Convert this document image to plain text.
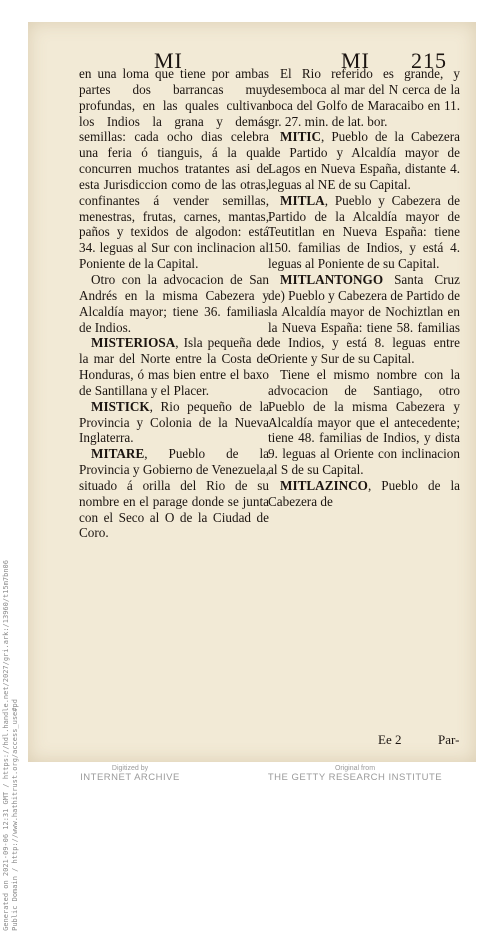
MI	MI 215

en una loma que tiene por ambas partes dos barrancas muy profundas, en las quales cultivan los Indios la grana y demás semillas: cada ocho dias celebra una feria ó tianguis, á la qual concurren muchos tratantes asi de esta Jurisdiccion como de las otras, confinantes á vender semillas, menestras, frutas, carnes, mantas, paños y texidos de algodon: está 34. leguas al Sur con inclinacion al Poniente de la Capital.

Otro con la advocacion de San Andrés en la misma Cabezera y Alcaldía mayor; tiene 36. familias de Indios.

MISTERIOSA, Isla pequeña de la mar del Norte entre la Costa de Honduras, ó mas bien entre el baxo de Santillana y el Placer.

MISTICK, Rio pequeño de la Provincia y Colonia de la Nueva Inglaterra.

MITARE, Pueblo de la Provincia y Gobierno de Venezuela, situado á orilla del Rio de su nombre en el parage donde se junta con el Seco al O de la Ciudad de Coro.

El Rio referido es grande, y desemboca al mar del N cerca de la boca del Golfo de Maracaibo en 11. gr. 27. min. de lat. bor.

MITIC, Pueblo de la Cabezera de Partido y Alcaldía mayor de Lagos en Nueva España, distante 4. leguas al NE de su Capital.

MITLA, Pueblo y Cabezera de Partido de la Alcaldía mayor de Teutitlan en Nueva España: tiene 150. familias de Indios, y está 4. leguas al Poniente de su Capital.

MITLANTONGO Santa Cruz de) Pueblo y Cabezera de Partido de la Alcaldía mayor de Nochiztlan en la Nueva España: tiene 58. familias de Indios, y está 8. leguas entre Oriente y Sur de su Capital.

Tiene el mismo nombre con la advocacion de Santiago, otro Pueblo de la misma Cabezera y Alcaldía mayor que el antecedente; tiene 48. familias de Indios, y dista 9. leguas al Oriente con inclinacion al S de su Capital.

MITLAZINCO, Pueblo de la Cabezera de

Ee 2	Par-
Generated on 2021-09-06 12:31 GMT / https://hdl.handle.net/2027/gri.ark:/13960/t15m7bn06 Public Domain / http://www.hathitrust.org/access_use#pd	Digitized by
INTERNET ARCHIVE
Original from
THE GETTY RESEARCH INSTITUTE
